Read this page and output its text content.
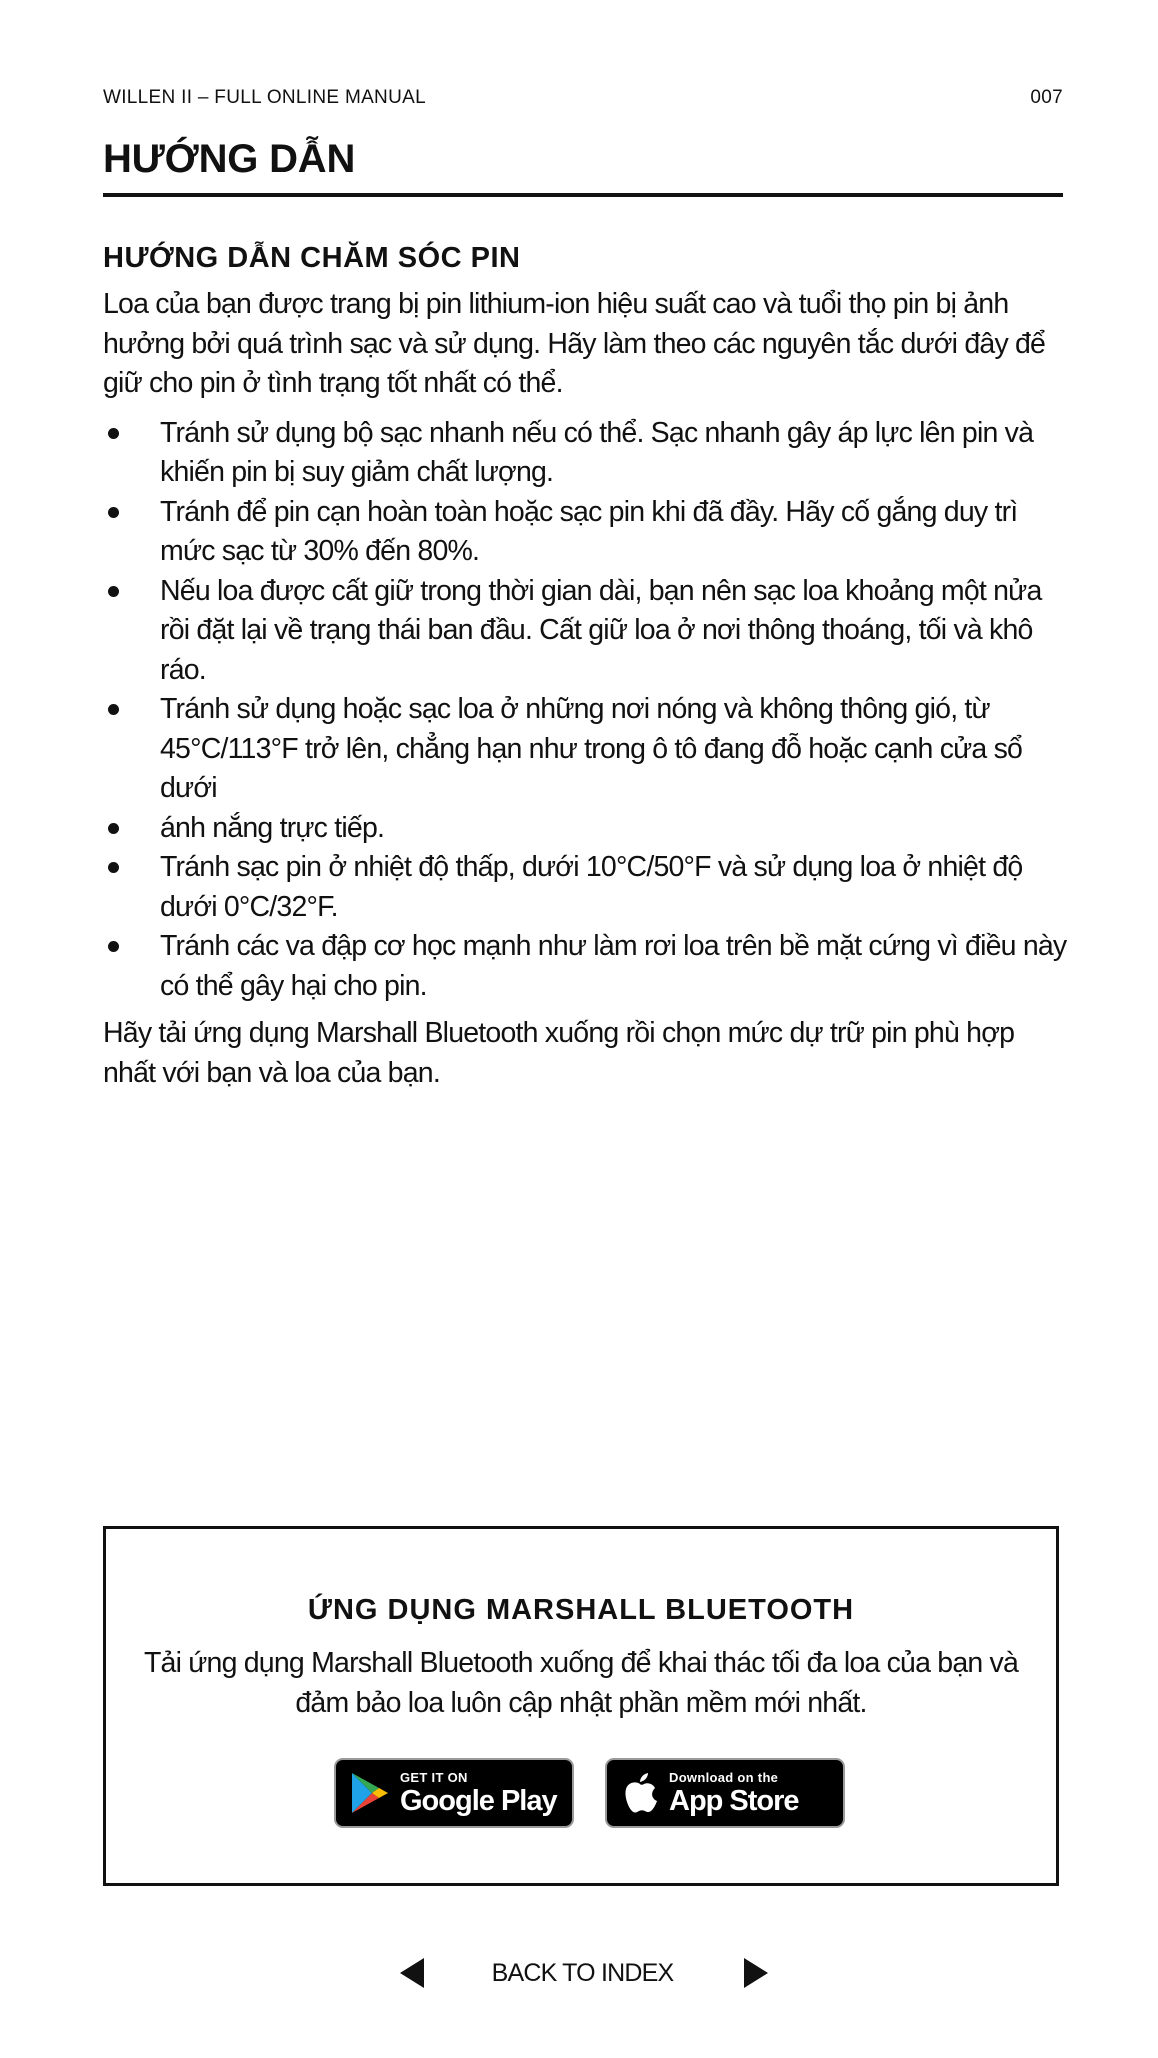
WILLEN II – FULL ONLINE MANUAL	007
HƯỚNG DẪN
HƯỚNG DẪN CHĂM SÓC PIN

Loa của bạn được trang bị pin lithium-ion hiệu suất cao và tuổi thọ pin bị ảnh hưởng bởi quá trình sạc và sử dụng. Hãy làm theo các nguyên tắc dưới đây để giữ cho pin ở tình trạng tốt nhất có thể.

Tránh sử dụng bộ sạc nhanh nếu có thể. Sạc nhanh gây áp lực lên pin và khiến pin bị suy giảm chất lượng.
Tránh để pin cạn hoàn toàn hoặc sạc pin khi đã đầy. Hãy cố gắng duy trì mức sạc từ 30% đến 80%.
Nếu loa được cất giữ trong thời gian dài, bạn nên sạc loa khoảng một nửa rồi đặt lại về trạng thái ban đầu. Cất giữ loa ở nơi thông thoáng, tối và khô ráo.
Tránh sử dụng hoặc sạc loa ở những nơi nóng và không thông gió, từ 45°C/113°F trở lên, chẳng hạn như trong ô tô đang đỗ hoặc cạnh cửa sổ dưới
ánh nắng trực tiếp.
Tránh sạc pin ở nhiệt độ thấp, dưới 10°C/50°F và sử dụng loa ở nhiệt độ dưới 0°C/32°F.
Tránh các va đập cơ học mạnh như làm rơi loa trên bề mặt cứng vì điều này có thể gây hại cho pin.

Hãy tải ứng dụng Marshall Bluetooth xuống rồi chọn mức dự trữ pin phù hợp nhất với bạn và loa của bạn.

ỨNG DỤNG MARSHALL BLUETOOTH
Tải ứng dụng Marshall Bluetooth xuống để khai thác tối đa loa của bạn và đảm bảo loa luôn cập nhật phần mềm mới nhất.
GET IT ON
Google Play
Download on the
App Store
BACK TO INDEX
